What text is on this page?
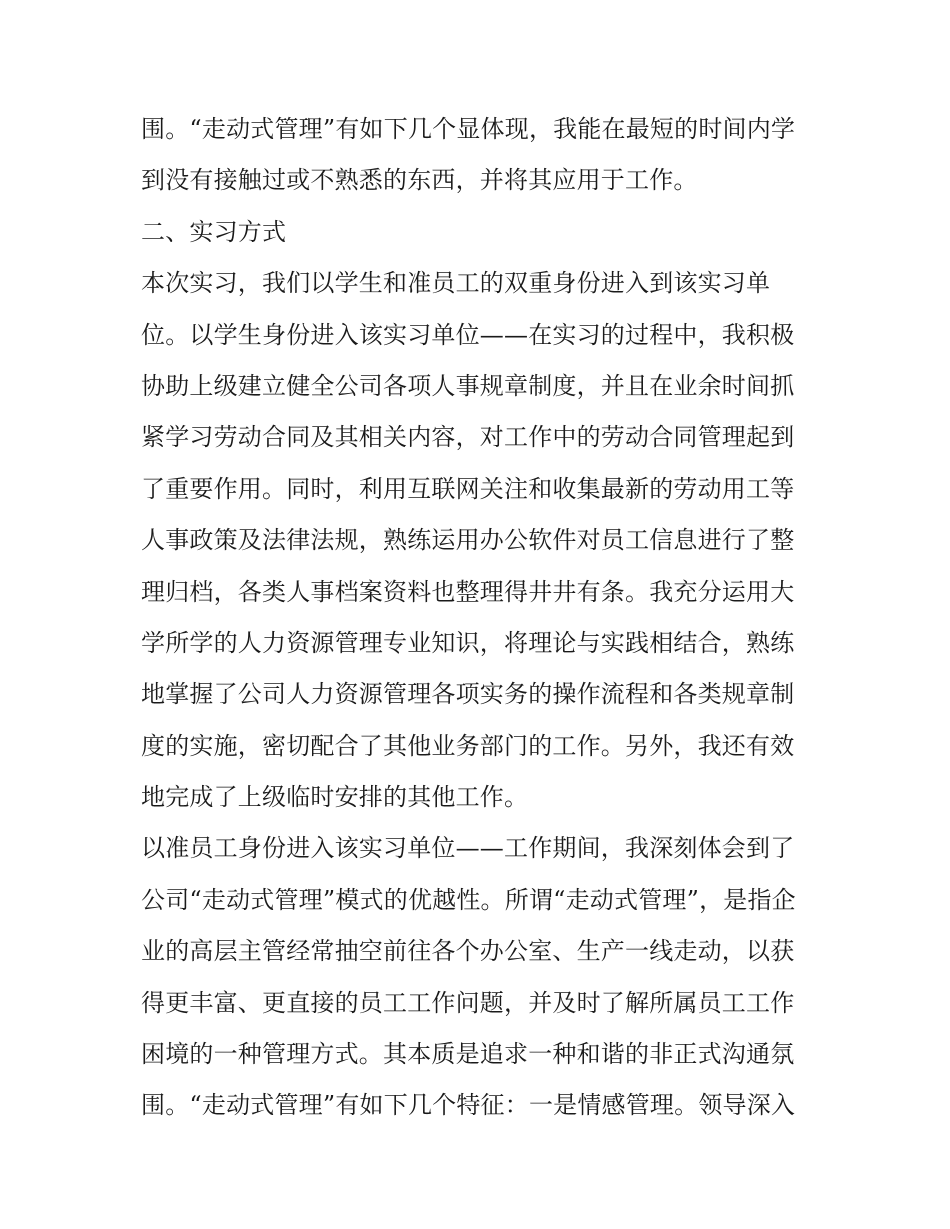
围。“走动式管理”有如下几个显体现，我能在最短的时间内学
到没有接触过或不熟悉的东西，并将其应用于工作。
二、实习方式
本次实习，我们以学生和准员工的双重身份进入到该实习单
位。以学生身份进入该实习单位——在实习的过程中，我积极
协助上级建立健全公司各项人事规章制度，并且在业余时间抓
紧学习劳动合同及其相关内容，对工作中的劳动合同管理起到
了重要作用。同时，利用互联网关注和收集最新的劳动用工等
人事政策及法律法规，熟练运用办公软件对员工信息进行了整
理归档，各类人事档案资料也整理得井井有条。我充分运用大
学所学的人力资源管理专业知识，将理论与实践相结合，熟练
地掌握了公司人力资源管理各项实务的操作流程和各类规章制
度的实施，密切配合了其他业务部门的工作。另外，我还有效
地完成了上级临时安排的其他工作。
以准员工身份进入该实习单位——工作期间，我深刻体会到了
公司“走动式管理”模式的优越性。所谓“走动式管理”，是指企
业的高层主管经常抽空前往各个办公室、生产一线走动，以获
得更丰富、更直接的员工工作问题，并及时了解所属员工工作
困境的一种管理方式。其本质是追求一种和谐的非正式沟通氛
围。“走动式管理”有如下几个特征：一是情感管理。领导深入
